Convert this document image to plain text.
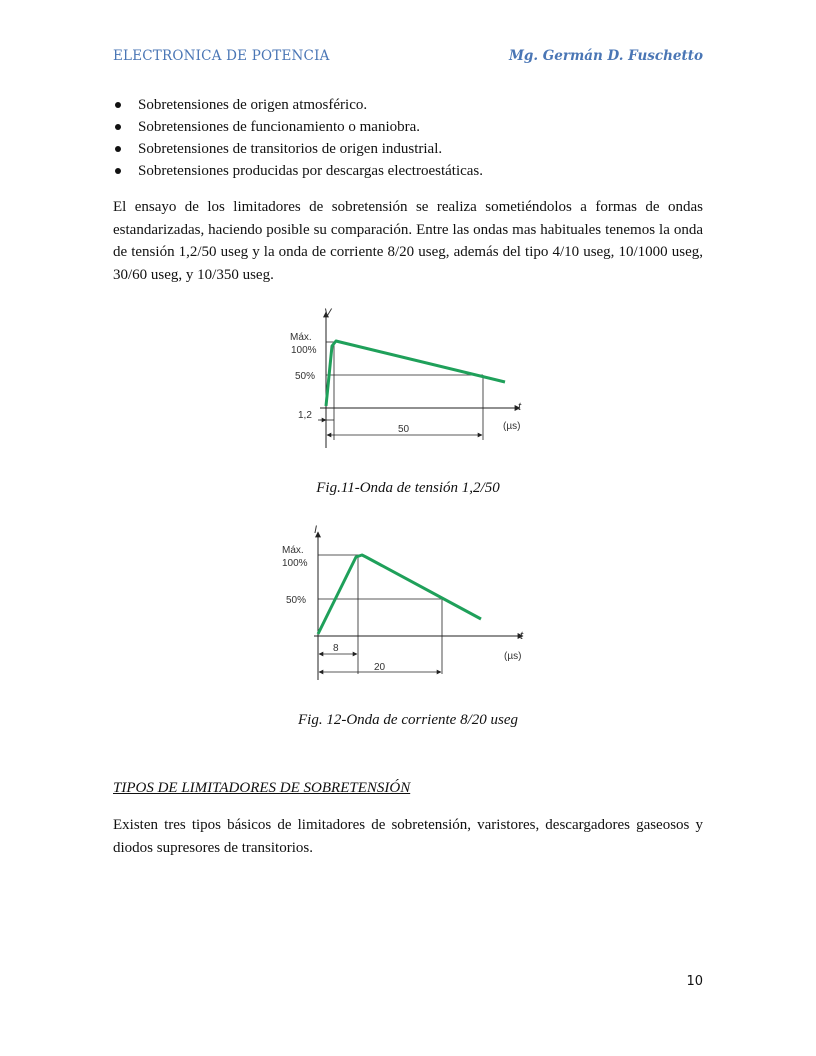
ELECTRONICA DE POTENCIA	Mg. Germán D. Fuschetto
Sobretensiones de origen atmosférico.
Sobretensiones de funcionamiento o maniobra.
Sobretensiones de transitorios de origen industrial.
Sobretensiones producidas por descargas electroestáticas.

El ensayo de los limitadores de sobretensión se realiza sometiéndolos a formas de ondas estandarizadas, haciendo posible su comparación. Entre las ondas mas habituales tenemos la onda de tensión 1,2/50 useg y la onda de corriente 8/20 useg, además del tipo 4/10 useg, 10/1000 useg, 30/60 useg, y 10/350 useg.

V
t
Máx.
100%
50%
1,2
50	(µs)
Fig.11-Onda de tensión 1,2/50
I
t
Máx.
100%
50%
8
20
(µs)
Fig. 12-Onda de corriente 8/20 useg
TIPOS DE LIMITADORES DE SOBRETENSIÓN

Existen tres tipos básicos de limitadores de sobretensión, varistores, descargadores gaseosos y diodos supresores de transitorios.

10
